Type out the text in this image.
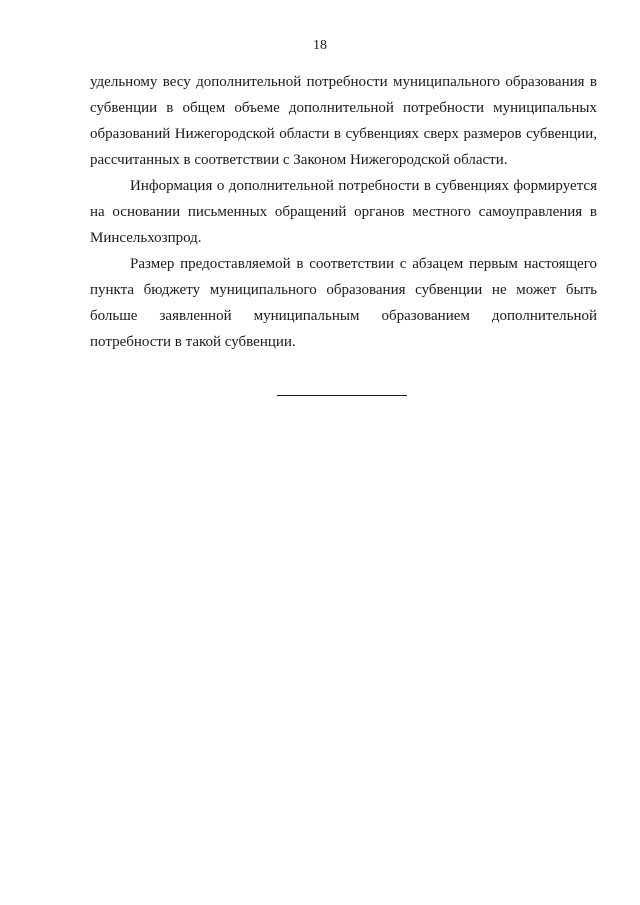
18

удельному весу дополнительной потребности муниципального образования в субвенции в общем объеме дополнительной потребности муниципальных образований Нижегородской области в субвенциях сверх размеров субвенции, рассчитанных в соответствии с Законом Нижегородской области.

Информация о дополнительной потребности в субвенциях формируется на основании письменных обращений органов местного самоуправления в Минсельхозпрод.

Размер предоставляемой в соответствии с абзацем первым настоящего пункта бюджету муниципального образования субвенции не может быть больше заявленной муниципальным образованием дополнительной потребности в такой субвенции.
